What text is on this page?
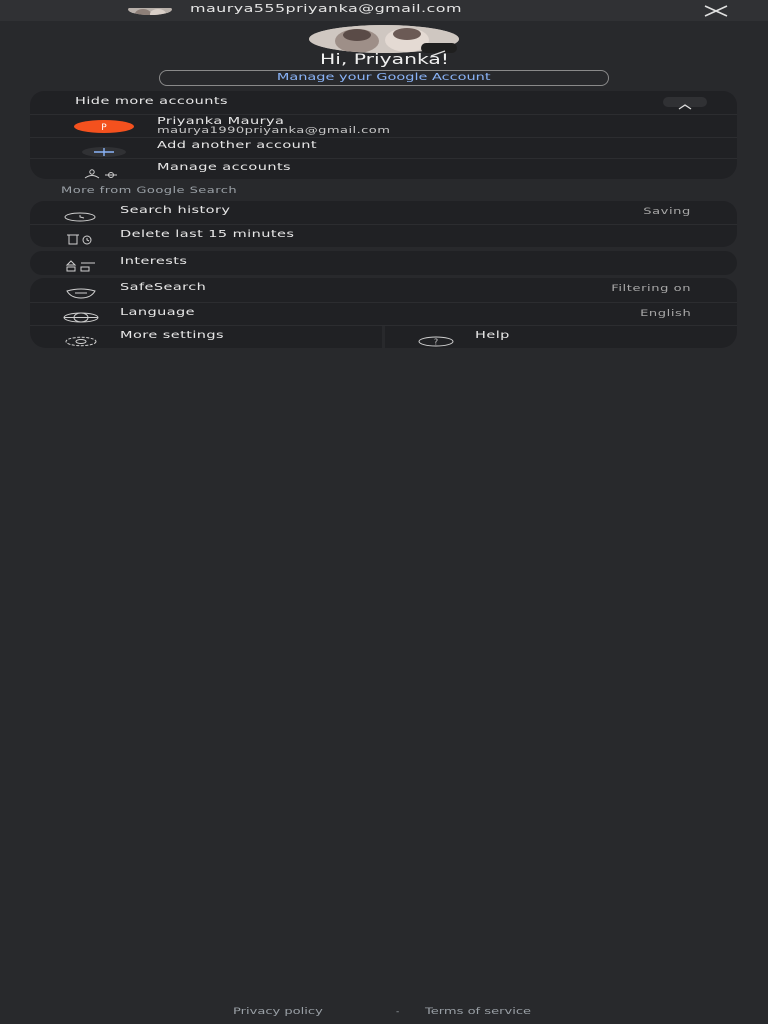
maurya555priyanka@gmail.com
Hi, Priyanka!
Manage your Google Account
Hide more accounts
P
Priyanka Maurya
maurya1990priyanka@gmail.com
Add another account
Manage accounts
More from Google Search
Search history	Saving
Delete last 15 minutes
Interests
SafeSearch	Filtering on
Language	English
More settings
?
Help
Privacy policy	-	Terms of service
